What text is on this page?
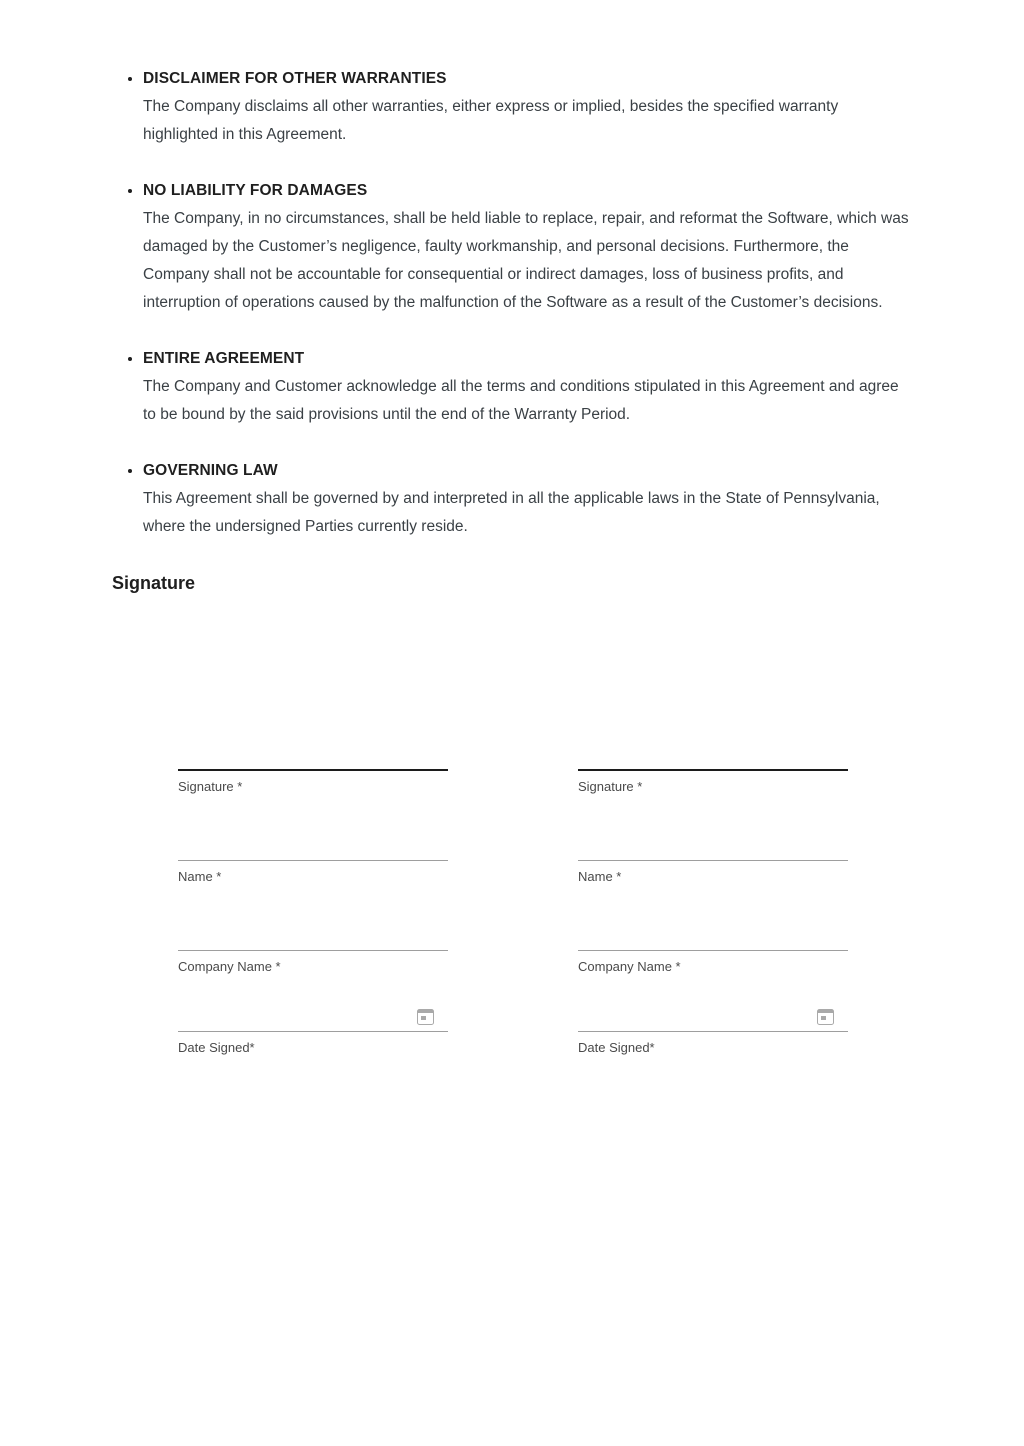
• DISCLAIMER FOR OTHER WARRANTIES
The Company disclaims all other warranties, either express or implied, besides the specified warranty highlighted in this Agreement.
• NO LIABILITY FOR DAMAGES
The Company, in no circumstances, shall be held liable to replace, repair, and reformat the Software, which was damaged by the Customer’s negligence, faulty workmanship, and personal decisions. Furthermore, the Company shall not be accountable for consequential or indirect damages, loss of business profits, and interruption of operations caused by the malfunction of the Software as a result of the Customer’s decisions.
• ENTIRE AGREEMENT
The Company and Customer acknowledge all the terms and conditions stipulated in this Agreement and agree to be bound by the said provisions until the end of the Warranty Period.
• GOVERNING LAW
This Agreement shall be governed by and interpreted in all the applicable laws in the State of Pennsylvania, where the undersigned Parties currently reside.
Signature
Signature *
Name *
Company Name *
Date Signed*
Signature *
Name *
Company Name *
Date Signed*
